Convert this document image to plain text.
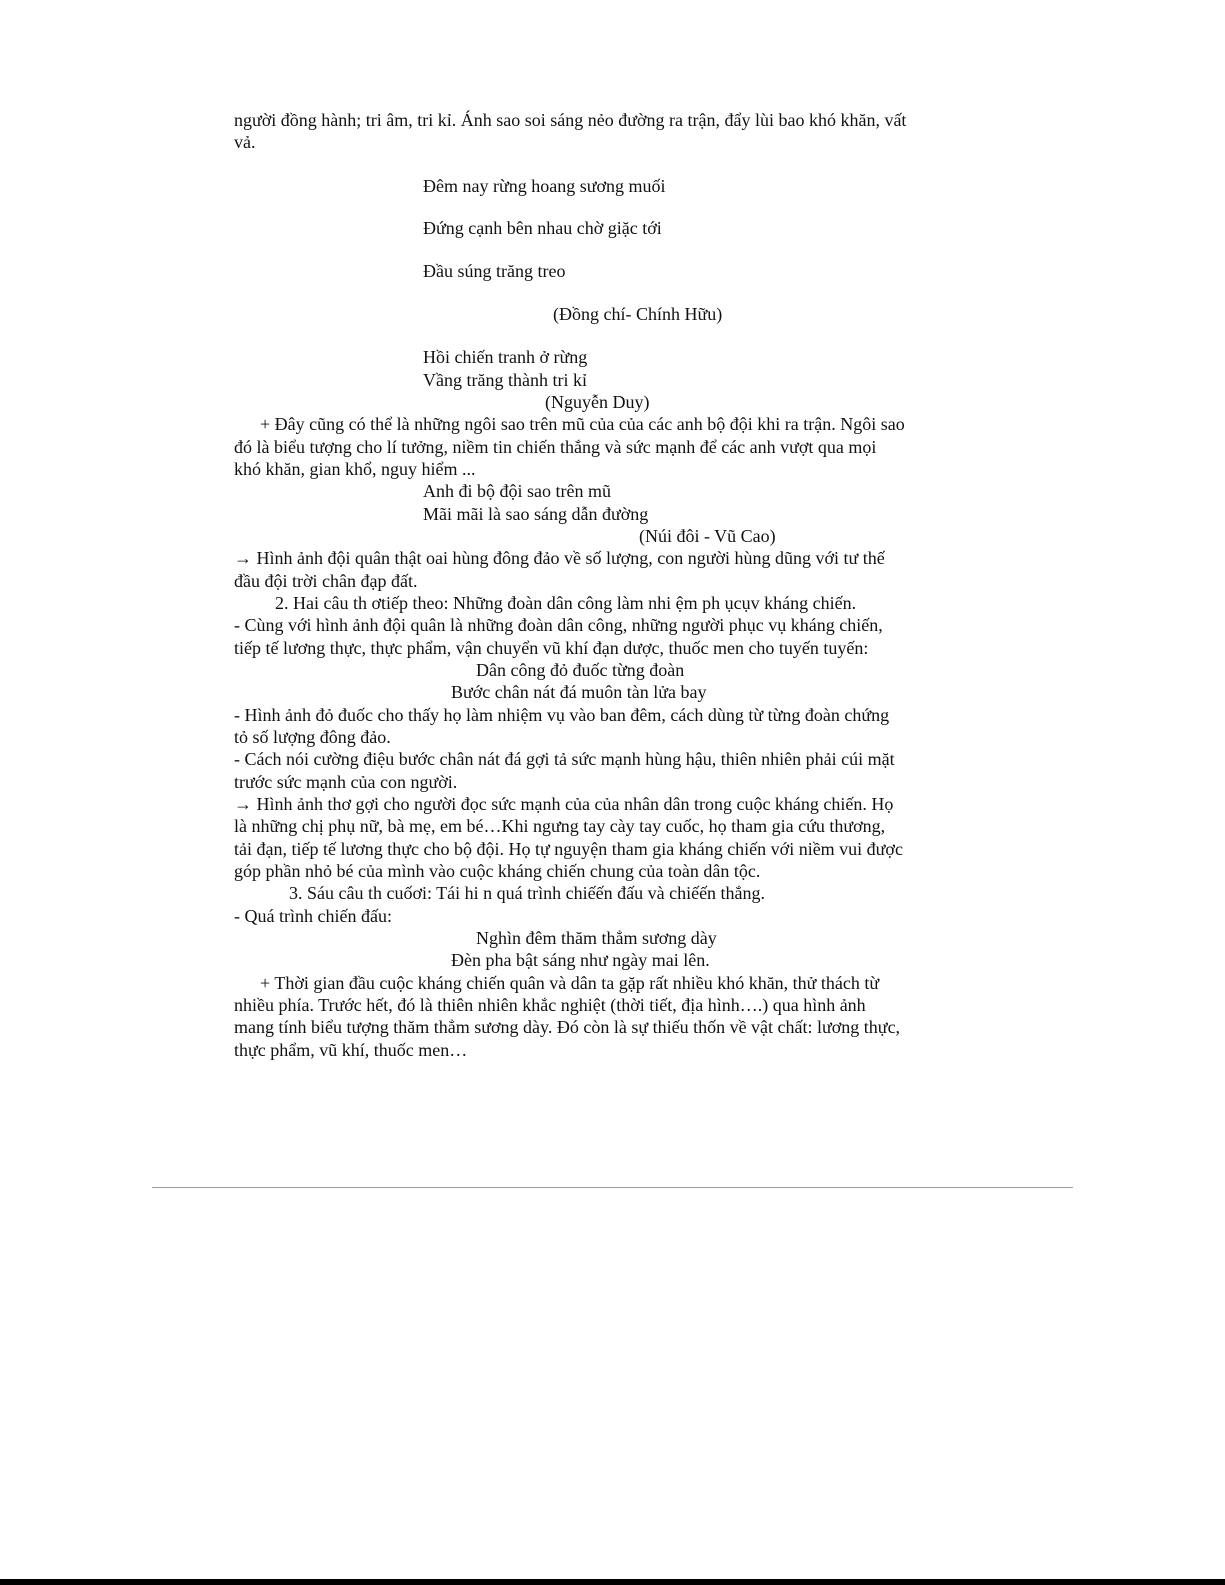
người đồng hành; tri âm, tri kỉ. Ánh sao soi sáng nẻo đường ra trận, đẩy lùi bao khó khăn, vất

vả.

Đêm nay rừng hoang sương muối

Đứng cạnh bên nhau chờ giặc tới

Đầu súng trăng treo

(Đồng chí- Chính Hữu)

Hồi chiến tranh ở rừng

Vầng trăng thành tri kỉ

(Nguyễn Duy)

+ Đây cũng có thể là những ngôi sao trên mũ của của các anh bộ đội khi ra trận. Ngôi sao

đó là biểu tượng cho lí tưởng, niềm tin chiến thắng và sức mạnh để các anh vượt qua mọi

khó khăn, gian khổ, nguy hiểm ...

Anh đi bộ đội sao trên mũ

Mãi mãi là sao sáng dẫn đường

(Núi đôi - Vũ Cao)

→ Hình ảnh đội quân thật oai hùng đông đảo về số lượng, con người hùng dũng với tư thế

đầu đội trời chân đạp đất.

2. Hai câu th ơtiếp theo: Những đoàn dân công làm nhi ệm ph ụcụv kháng chiến.

- Cùng với hình ảnh đội quân là những đoàn dân công, những người phục vụ kháng chiến,

tiếp tế lương thực, thực phẩm, vận chuyển vũ khí đạn dược, thuốc men cho tuyến tuyến:

Dân công đỏ đuốc từng đoàn

Bước chân nát đá muôn tàn lửa bay

- Hình ảnh đỏ đuốc cho thấy họ làm nhiệm vụ vào ban đêm, cách dùng từ từng đoàn chứng

tỏ số lượng đông đảo.

- Cách nói cường điệu bước chân nát đá gợi tả sức mạnh hùng hậu, thiên nhiên phải cúi mặt

trước sức mạnh của con người.

→ Hình ảnh thơ gợi cho người đọc sức mạnh của của nhân dân trong cuộc kháng chiến. Họ

là những chị phụ nữ, bà mẹ, em bé…Khi ngưng tay cày tay cuốc, họ tham gia cứu thương,

tải đạn, tiếp tế lương thực cho bộ đội. Họ tự nguyện tham gia kháng chiến với niềm vui được

góp phần nhỏ bé của mình vào cuộc kháng chiến chung của toàn dân tộc.

3. Sáu câu th cuốơi: Tái hi n quá trình chiếến đấu và chiếến thắng.

- Quá trình chiến đấu:

Nghìn đêm thăm thẳm sương dày

Đèn pha bật sáng như ngày mai lên.

+ Thời gian đầu cuộc kháng chiến quân và dân ta gặp rất nhiều khó khăn, thử thách từ

nhiều phía. Trước hết, đó là thiên nhiên khắc nghiệt (thời tiết, địa hình….) qua hình ảnh

mang tính biểu tượng thăm thẳm sương dày. Đó còn là sự thiếu thốn về vật chất: lương thực,

thực phẩm, vũ khí, thuốc men…
